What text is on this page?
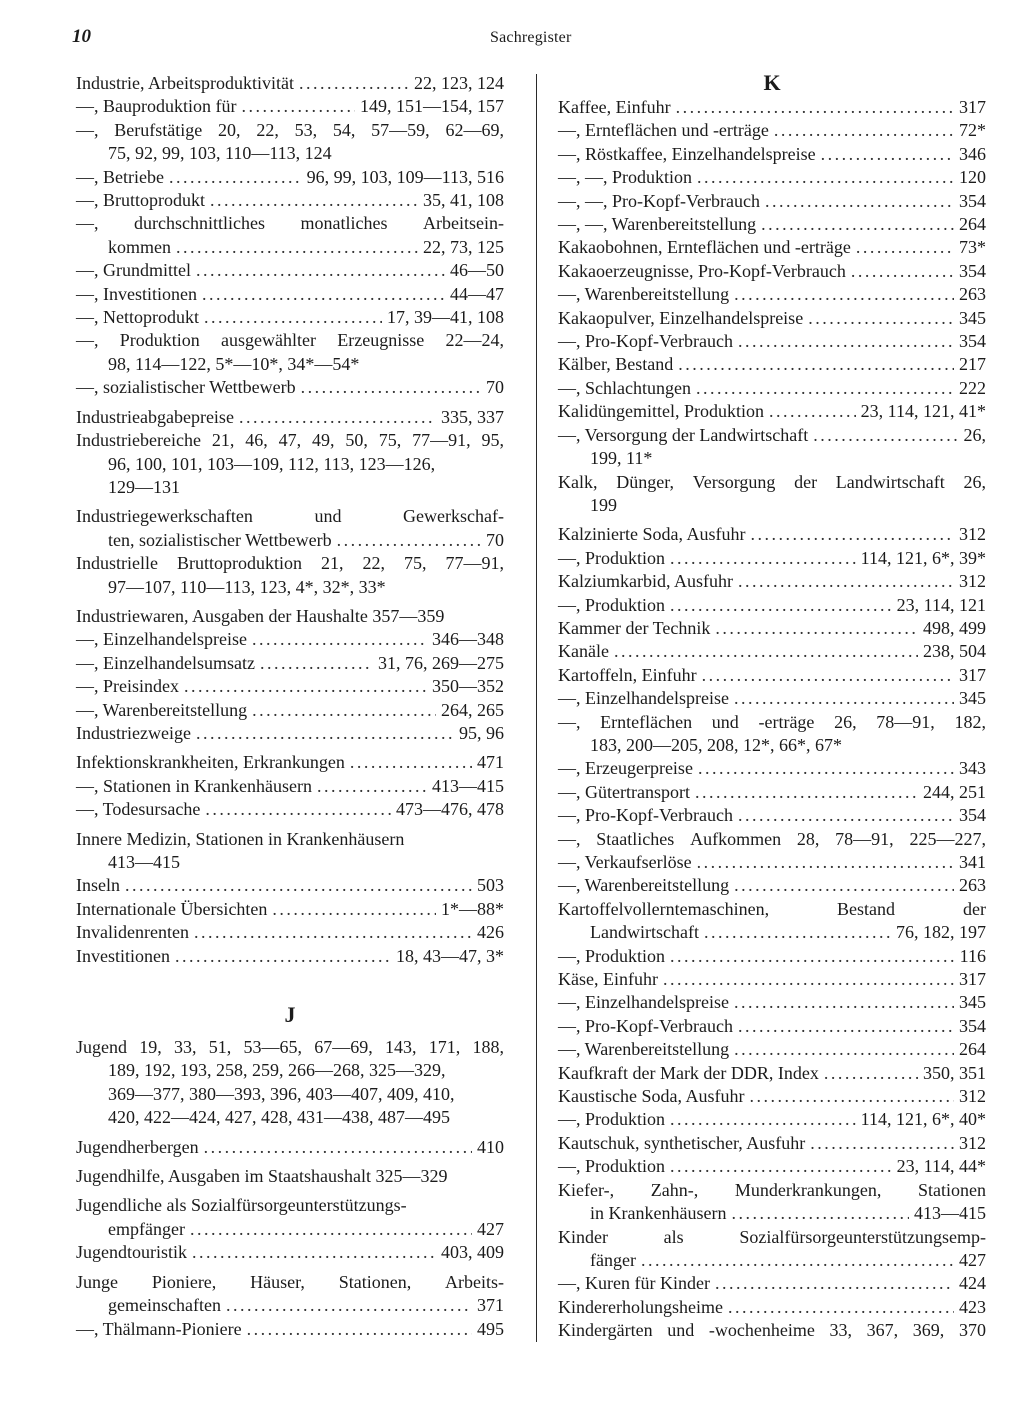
10	Sachregister
Industrie, Arbeitsproduktivität . . .	22, 123, 124
—, Bauproduktion für . . .	149, 151—154, 157
—, Berufstätige 20, 22, 53, 54, 57—59, 62—69,
75, 92, 99, 103, 110—113, 124
—, Betriebe . . .	96, 99, 103, 109—113, 516
—, Bruttoprodukt . . .	35, 41, 108
—, durchschnittliches monatliches Arbeitsein-
kommen . . .	22, 73, 125
—, Grundmittel . . .	46—50
—, Investitionen . . .	44—47
—, Nettoprodukt . . .	17, 39—41, 108
—, Produktion ausgewählter Erzeugnisse 22—24,
98, 114—122, 5*—10*, 34*—54*
—, sozialistischer Wettbewerb . . .	70
Industrieabgabepreise . . .	335, 337
Industriebereiche 21, 46, 47, 49, 50, 75, 77—91, 95,
96, 100, 101, 103—109, 112, 113, 123—126,
129—131
Industriegewerkschaften	und	Gewerkschaf-
ten, sozialistischer Wettbewerb . . .	70
Industrielle Bruttoproduktion 21, 22, 75, 77—91,
97—107, 110—113, 123, 4*, 32*, 33*
Industriewaren, Ausgaben der Haushalte 357—359
—, Einzelhandelspreise . . .	346—348
—, Einzelhandelsumsatz . . .	31, 76, 269—275
—, Preisindex . . .	350—352
—, Warenbereitstellung . . .	264, 265
Industriezweige . . .	95, 96
Infektionskrankheiten, Erkrankungen . . .	471
—, Stationen in Krankenhäusern . . .	413—415
—, Todesursache . . .	473—476, 478
Innere Medizin, Stationen in Krankenhäusern
413—415
Inseln . . .	503
Internationale Übersichten . . .	1*—88*
Invalidenrenten . . .	426
Investitionen . . .	18, 43—47, 3*
J
Jugend 19, 33, 51, 53—65, 67—69, 143, 171, 188,
189, 192, 193, 258, 259, 266—268, 325—329,
369—377, 380—393, 396, 403—407, 409, 410,
420, 422—424, 427, 428, 431—438, 487—495
Jugendherbergen . . .	410
Jugendhilfe, Ausgaben im Staatshaushalt 325—329
Jugendliche als Sozialfürsorgeunterstützungs-
empfänger . . .	427
Jugendtouristik . . .	403, 409
Junge Pioniere, Häuser, Stationen, Arbeits-
gemeinschaften . . .	371
—, Thälmann-Pioniere . . .	495
K
Kaffee, Einfuhr . . .	317
—, Ernteflächen und -erträge . . .	72*
—, Röstkaffee, Einzelhandelspreise . . .	346
—, —, Produktion . . .	120
—, —, Pro-Kopf-Verbrauch . . .	354
—, —, Warenbereitstellung . . .	264
Kakaobohnen, Ernteflächen und -erträge . . .	73*
Kakaoerzeugnisse, Pro-Kopf-Verbrauch . . .	354
—, Warenbereitstellung . . .	263
Kakaopulver, Einzelhandelspreise . . .	345
—, Pro-Kopf-Verbrauch . . .	354
Kälber, Bestand . . .	217
—, Schlachtungen . . .	222
Kalidüngemittel, Produktion . . .	23, 114, 121, 41*
—, Versorgung der Landwirtschaft . . .	26,
199, 11*
Kalk, Dünger, Versorgung der Landwirtschaft 26,
199
Kalzinierte Soda, Ausfuhr . . .	312
—, Produktion . . .	114, 121, 6*, 39*
Kalziumkarbid, Ausfuhr . . .	312
—, Produktion . . .	23, 114, 121
Kammer der Technik . . .	498, 499
Kanäle . . .	238, 504
Kartoffeln, Einfuhr . . .	317
—, Einzelhandelspreise . . .	345
—, Ernteflächen und -erträge 26, 78—91, 182,
183, 200—205, 208, 12*, 66*, 67*
—, Erzeugerpreise . . .	343
—, Gütertransport . . .	244, 251
—, Pro-Kopf-Verbrauch . . .	354
—, Staatliches Aufkommen 28, 78—91, 225—227,
—, Verkaufserlöse . . .	341
—, Warenbereitstellung . . .	263
Kartoffelvollerntemaschinen,	Bestand	der
Landwirtschaft . . .	76, 182, 197
—, Produktion . . .	116
Käse, Einfuhr . . .	317
—, Einzelhandelspreise . . .	345
—, Pro-Kopf-Verbrauch . . .	354
—, Warenbereitstellung . . .	264
Kaufkraft der Mark der DDR, Index . . .	350, 351
Kaustische Soda, Ausfuhr . . .	312
—, Produktion . . .	114, 121, 6*, 40*
Kautschuk, synthetischer, Ausfuhr . . .	312
—, Produktion . . .	23, 114, 44*
Kiefer-, Zahn-, Munderkrankungen, Stationen
in Krankenhäusern . . .	413—415
Kinder	als	Sozialfürsorgeunterstützungsemp-
fänger . . .	427
—, Kuren für Kinder . . .	424
Kindererholungsheime . . .	423
Kindergärten und -wochenheime 33, 367, 369, 370
